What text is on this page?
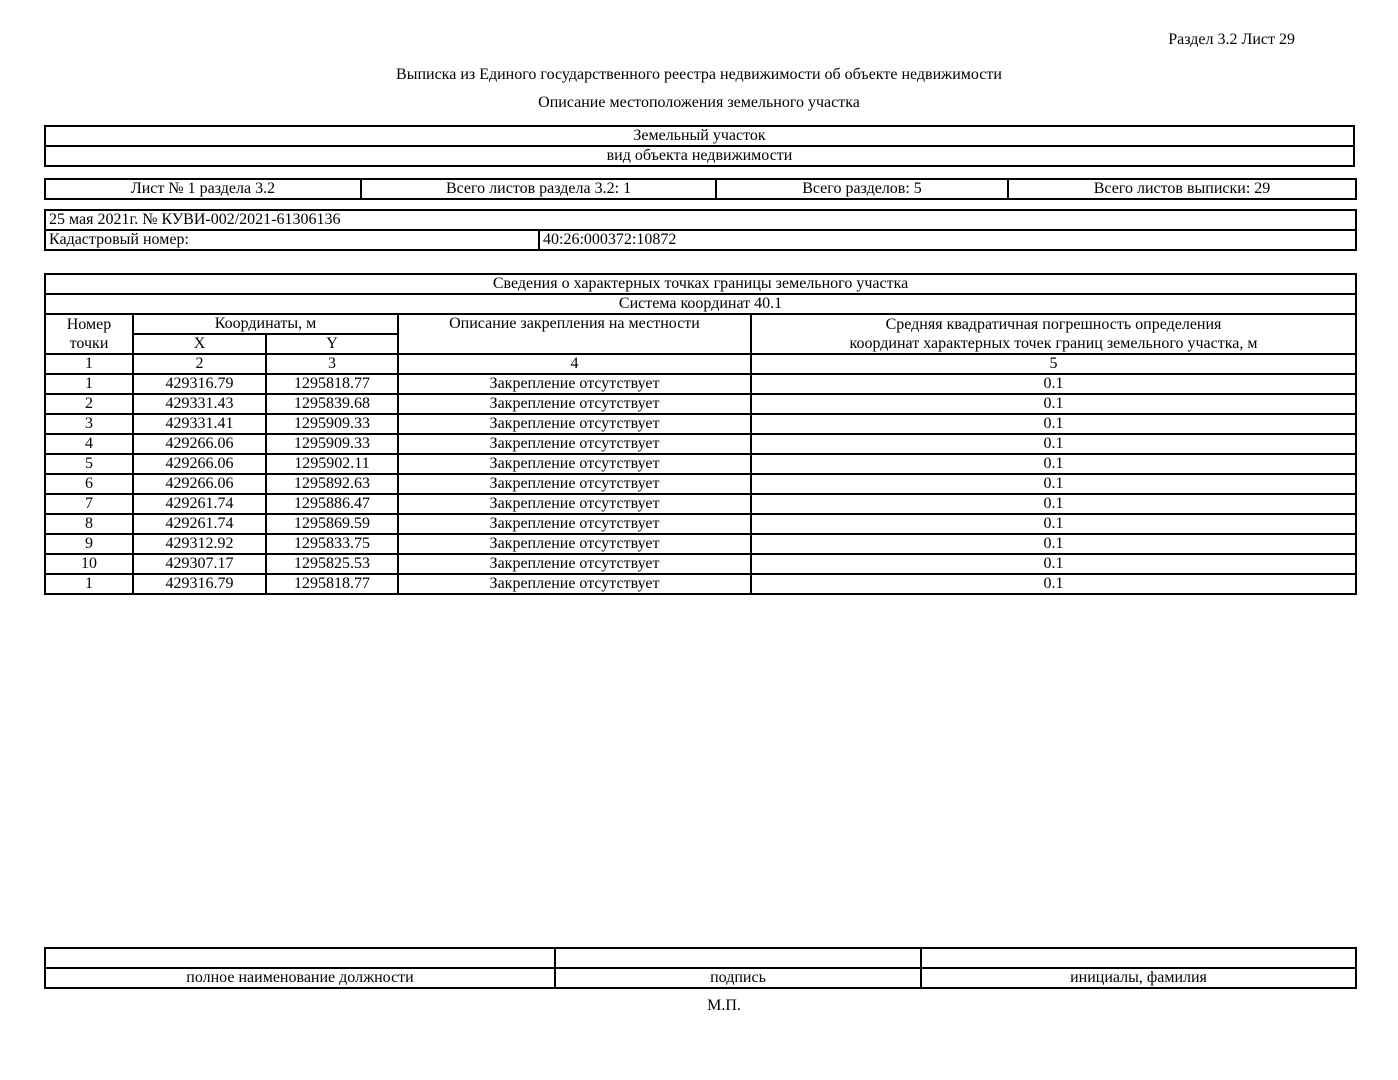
Раздел 3.2 Лист 29
Выписка из Единого государственного реестра недвижимости об объекте недвижимости
Описание местоположения земельного участка
Земельный участок
вид объекта недвижимости
Лист № 1 раздела 3.2	Всего листов раздела 3.2: 1	Всего разделов: 5	Всего листов выписки: 29
25 мая 2021г. № КУВИ-002/2021-61306136
Кадастровый номер:	40:26:000372:10872
Сведения о характерных точках границы земельного участка				
Система координат 40.1				
Номер точки	Координаты, м		Описание закрепления на местности	Средняя квадратичная погрешность определения
координат характерных точек границ земельного участка, м

	X	Y		
1	2	3	4	5
1	429316.79	1295818.77	Закрепление отсутствует	0.1
2	429331.43	1295839.68	Закрепление отсутствует	0.1
3	429331.41	1295909.33	Закрепление отсутствует	0.1
4	429266.06	1295909.33	Закрепление отсутствует	0.1
5	429266.06	1295902.11	Закрепление отсутствует	0.1
6	429266.06	1295892.63	Закрепление отсутствует	0.1
7	429261.74	1295886.47	Закрепление отсутствует	0.1
8	429261.74	1295869.59	Закрепление отсутствует	0.1
9	429312.92	1295833.75	Закрепление отсутствует	0.1
10	429307.17	1295825.53	Закрепление отсутствует	0.1
1	429316.79	1295818.77	Закрепление отсутствует	0.1

полное наименование должности	подпись	инициалы, фамилия
М.П.
